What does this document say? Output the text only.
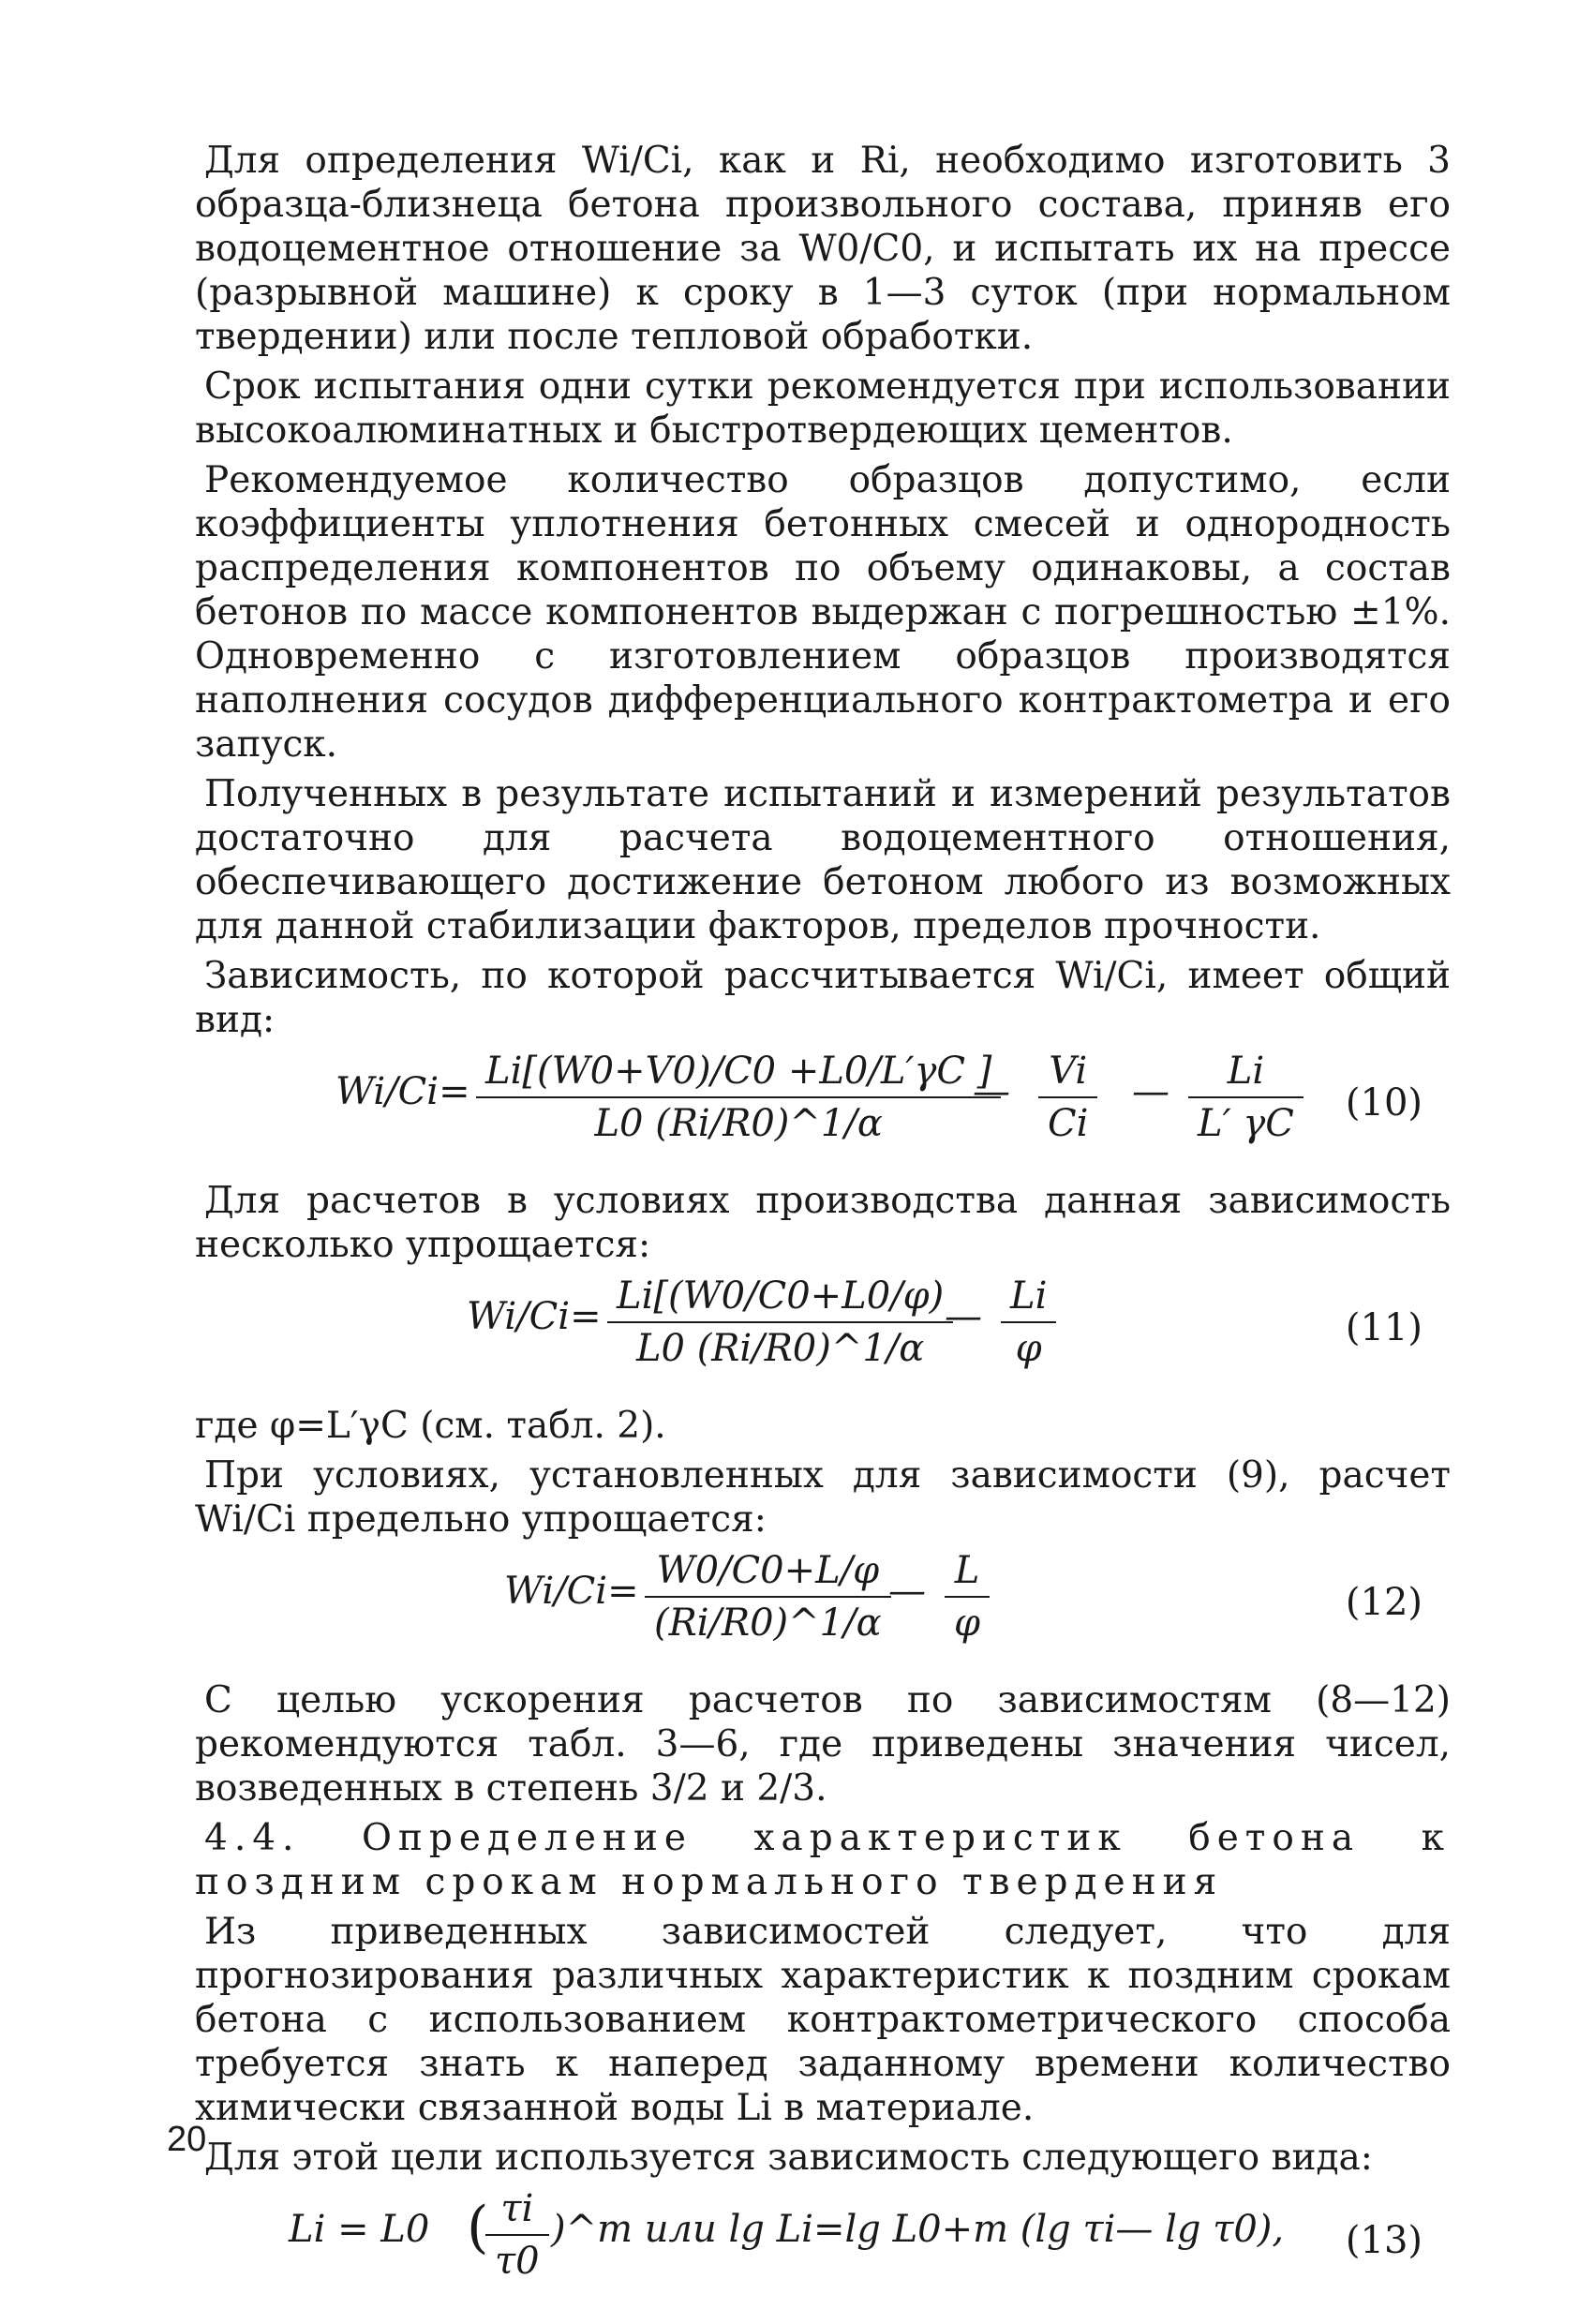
Для определения Wi/Ci, как и Ri, необходимо изготовить 3 образца-близнеца бетона произвольного состава, приняв его водоцементное отношение за W0/C0, и испытать их на прессе (разрывной машине) к сроку в 1—3 суток (при нормальном твердении) или после тепловой обработки.

Срок испытания одни сутки рекомендуется при использовании высокоалюминатных и быстротвердеющих цементов.

Рекомендуемое количество образцов допустимо, если коэффициенты уплотнения бетонных смесей и однородность распределения компонентов по объему одинаковы, а состав бетонов по массе компонентов выдержан с погрешностью ±1%. Одновременно с изготовлением образцов производятся наполнения сосудов дифференциального контрактометра и его запуск.

Полученных в результате испытаний и измерений результатов достаточно для расчета водоцементного отношения, обеспечивающего достижение бетоном любого из возможных для данной стабилизации факторов, пределов прочности.

Зависимость, по которой рассчитывается Wi/Ci, имеет общий вид:

$Wi/Ci= \frac{Li[(W0+V0)/C0 +L0/L'\gamma C ]}{L0 (Ri/R0)\^{}1/\alpha}$
— $\frac{Vi}{Ci}$ — $\frac{Li}{L' \gamma C} (10)$

Для расчетов в условиях производства данная зависимость несколько упрощается:

$Wi/Ci= \frac{Li[(W0/C0+L0/\varphi)}{L0 (Ri/R0)\^{}1/\alpha}$
— $\frac{Li}{\varphi}$	(11)

где φ=L′γC (см. табл. 2).

При условиях, установленных для зависимости (9), расчет Wi/Ci предельно упрощается:

$Wi/Ci= \frac{W0/C0+L/\varphi}{(Ri/R0)\^{}1/\alpha}$
— $\frac{L}{\varphi}$	(12)

С целью ускорения расчетов по зависимостям (8—12) рекомендуются табл. 3—6, где приведены значения чисел, возведенных в степень 3/2 и 2/3.

4.4. Определение характеристик бетона к поздним срокам нормального твердения

Из приведенных зависимостей следует, что для прогнозирования различных характеристик к поздним срокам бетона с использованием контрактометрического способа требуется знать к наперед заданному времени количество химически связанной воды Li в материале.

Для этой цели используется зависимость следующего вида:

Li = L0 (
$\frac{\tau i}{\tau 0}$ )^m или lg Li=lg L0+m (lg τi— lg τ0), (13)
20
